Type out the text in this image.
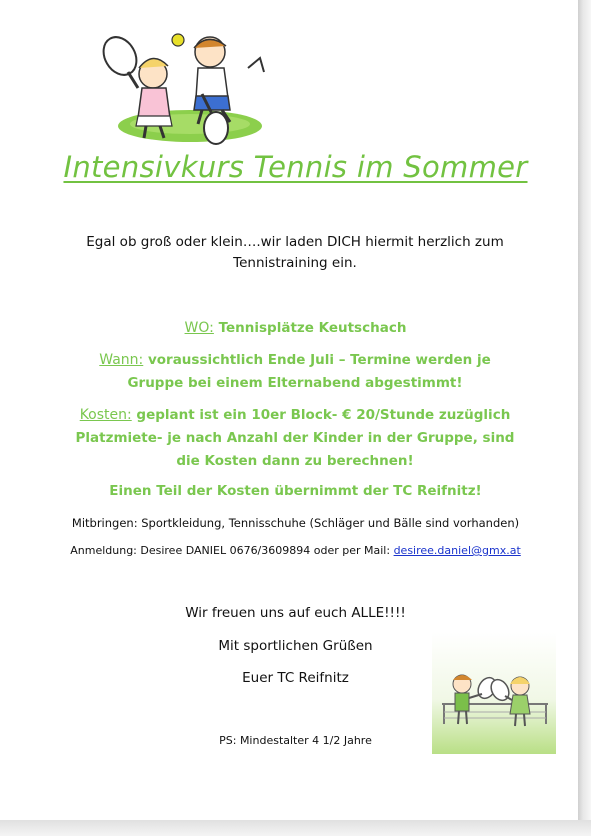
Intensivkurs Tennis im Sommer
Egal ob groß oder klein….wir laden DICH hiermit herzlich zum Tennistraining ein.
WO: Tennisplätze Keutschach
Wann: voraussichtlich Ende Juli – Termine werden je Gruppe bei einem Elternabend abgestimmt!
Kosten: geplant ist ein 10er Block- € 20/Stunde zuzüglich Platzmiete- je nach Anzahl der Kinder in der Gruppe, sind die Kosten dann zu berechnen!
Einen Teil der Kosten übernimmt der TC Reifnitz!
Mitbringen: Sportkleidung, Tennisschuhe (Schläger und Bälle sind vorhanden)
Anmeldung: Desiree DANIEL 0676/3609894 oder per Mail: desiree.daniel@gmx.at
Wir freuen uns auf euch ALLE!!!!
Mit sportlichen Grüßen
Euer TC Reifnitz
PS: Mindestalter 4 1/2 Jahre
